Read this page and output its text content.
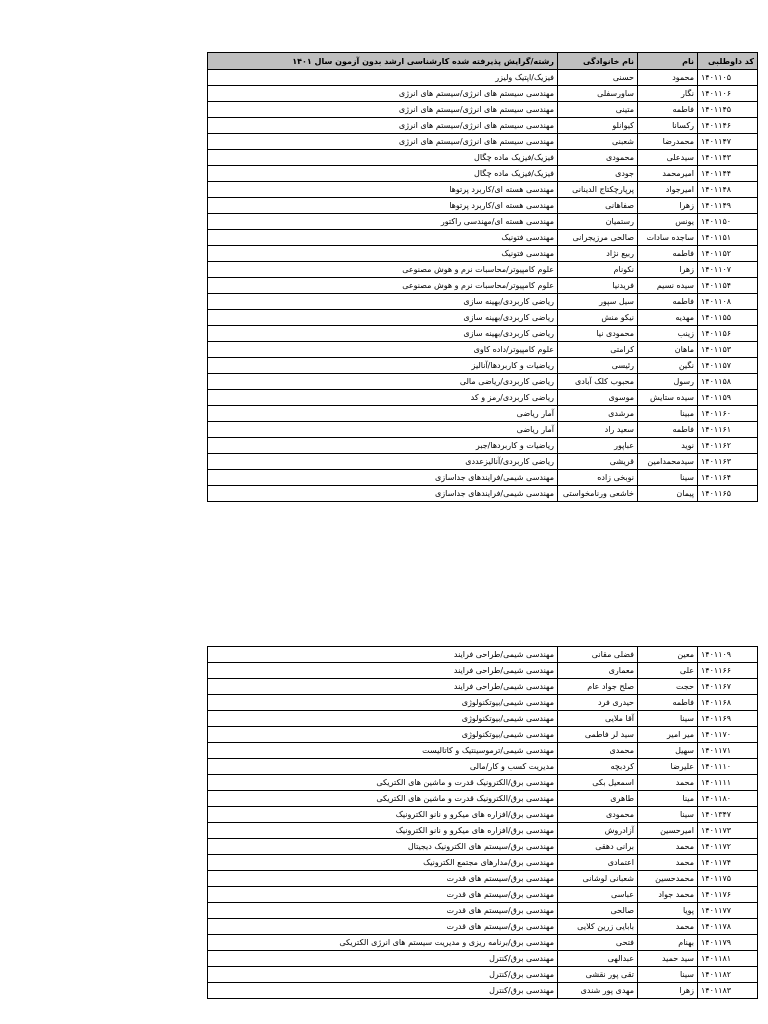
کد داوطلبی	نام	نام خانوادگی	رشته/گرایش پذیرفته شده کارشناسی ارشد بدون آزمون سال ۱۴۰۱
۱۴۰۱۱۰۵	محمود	حسنی	فیزیک/اپتیک ولیزر
۱۴۰۱۱۰۶	نگار	ساورسفلی	مهندسی سیستم های انرژی/سیستم های انرژی
۱۴۰۱۱۴۵	فاطمه	متینی	مهندسی سیستم های انرژی/سیستم های انرژی
۱۴۰۱۱۴۶	رکسانا	کیوانلو	مهندسی سیستم های انرژی/سیستم های انرژی
۱۴۰۱۱۴۷	محمدرضا	شعبنی	مهندسی سیستم های انرژی/سیستم های انرژی
۱۴۰۱۱۴۳	سیدعلی	محمودی	فیزیک/فیزیک ماده چگال
۱۴۰۱۱۴۴	امیرمحمد	جودی	فیزیک/فیزیک ماده چگال
۱۴۰۱۱۴۸	امیرجواد	پرپارچکتاج الدینانی	مهندسی هسته ای/کاربرد پرتوها
۱۴۰۱۱۴۹	زهرا	صفاهانی	مهندسی هسته ای/کاربرد پرتوها
۱۴۰۱۱۵۰	یونس	رستمیان	مهندسی هسته ای/مهندسی راکتور
۱۴۰۱۱۵۱	ساجده سادات	صالحی مرزیجرانی	مهندسی فتونیک
۱۴۰۱۱۵۲	فاطمه	ربیع نژاد	مهندسی فتونیک
۱۴۰۱۱۰۷	زهرا	نکونام	علوم کامپیوتر/محاسبات نرم و هوش مصنوعی
۱۴۰۱۱۵۴	سیده نسیم	فریدنیا	علوم کامپیوتر/محاسبات نرم و هوش مصنوعی
۱۴۰۱۱۰۸	فاطمه	سیل سپور	ریاضی کاربردی/بهینه سازی
۱۴۰۱۱۵۵	مهدیه	نیکو منش	ریاضی کاربردی/بهینه سازی
۱۴۰۱۱۵۶	زینب	محمودی نیا	ریاضی کاربردی/بهینه سازی
۱۴۰۱۱۵۳	ماهان	کرامتی	علوم کامپیوتر/داده کاوی
۱۴۰۱۱۵۷	نگین	رئیسی	ریاضیات و کاربردها/آنالیز
۱۴۰۱۱۵۸	رسول	محبوب کلک آبادی	ریاضی کاربردی/ریاضی مالی
۱۴۰۱۱۵۹	سیده ستایش	موسوی	ریاضی کاربردی/رمز و کد
۱۴۰۱۱۶۰	مبینا	مرشدی	آمار ریاضی
۱۴۰۱۱۶۱	فاطمه	سعید راد	آمار ریاضی
۱۴۰۱۱۶۲	نوید	عباپور	ریاضیات و کاربردها/جبر
۱۴۰۱۱۶۳	سیدمحمدامین	قریشی	ریاضی کاربردی/آنالیزعددی
۱۴۰۱۱۶۴	سینا	نوبخی زاده	مهندسی شیمی/فرایندهای جداسازی
۱۴۰۱۱۶۵	پیمان	خاشعی ورنامخواستی	مهندسی شیمی/فرایندهای جداسازی
۱۴۰۱۱۰۹	معین	فضلی مقانی	مهندسی شیمی/طراحی فرایند
۱۴۰۱۱۶۶	علی	معماری	مهندسی شیمی/طراحی فرایند
۱۴۰۱۱۶۷	حجت	صلح جواد عام	مهندسی شیمی/طراحی فرایند
۱۴۰۱۱۶۸	فاطمه	حیدری فرد	مهندسی شیمی/بیوتکنولوژی
۱۴۰۱۱۶۹	سینا	آقا ملایی	مهندسی شیمی/بیوتکنولوژی
۱۴۰۱۱۷۰	میر امیر	سید لر فاطمی	مهندسی شیمی/بیوتکنولوژی
۱۴۰۱۱۷۱	سهیل	محمدی	مهندسی شیمی/ترموسینتیک و کاتالیست
۱۴۰۱۱۱۰	علیرضا	کردبچه	مدیریت کسب و کار/مالی
۱۴۰۱۱۱۱	محمد	اسمعیل بکی	مهندسی برق/الکترونیک قدرت و ماشین های الکتریکی
۱۴۰۱۱۸۰	مینا	طاهری	مهندسی برق/الکترونیک قدرت و ماشین های الکتریکی
۱۴۰۱۳۴۷	سینا	محمودی	مهندسی برق/افزاره های میکرو و نانو الکترونیک
۱۴۰۱۱۷۳	امیرحسین	آزادروش	مهندسی برق/افزاره های میکرو و نانو الکترونیک
۱۴۰۱۱۷۲	محمد	برانی دهقی	مهندسی برق/سیستم های الکترونیک دیجیتال
۱۴۰۱۱۷۴	محمد	اعتمادی	مهندسی برق/مدارهای مجتمع الکترونیک
۱۴۰۱۱۷۵	محمدحسین	شعبانی لوشانی	مهندسی برق/سیستم های قدرت
۱۴۰۱۱۷۶	محمد جواد	عباسی	مهندسی برق/سیستم های قدرت
۱۴۰۱۱۷۷	پویا	صالحی	مهندسی برق/سیستم های قدرت
۱۴۰۱۱۷۸	محمد	بابایی زرین کلایی	مهندسی برق/سیستم های قدرت
۱۴۰۱۱۷۹	بهنام	فتحی	مهندسی برق/برنامه ریزی و مدیریت سیستم های انرژی الکتریکی
۱۴۰۱۱۸۱	سید حمید	عبدالهی	مهندسی برق/کنترل
۱۴۰۱۱۸۲	سینا	تقی پور نقشی	مهندسی برق/کنترل
۱۴۰۱۱۸۳	زهرا	مهدی پور شندی	مهندسی برق/کنترل
